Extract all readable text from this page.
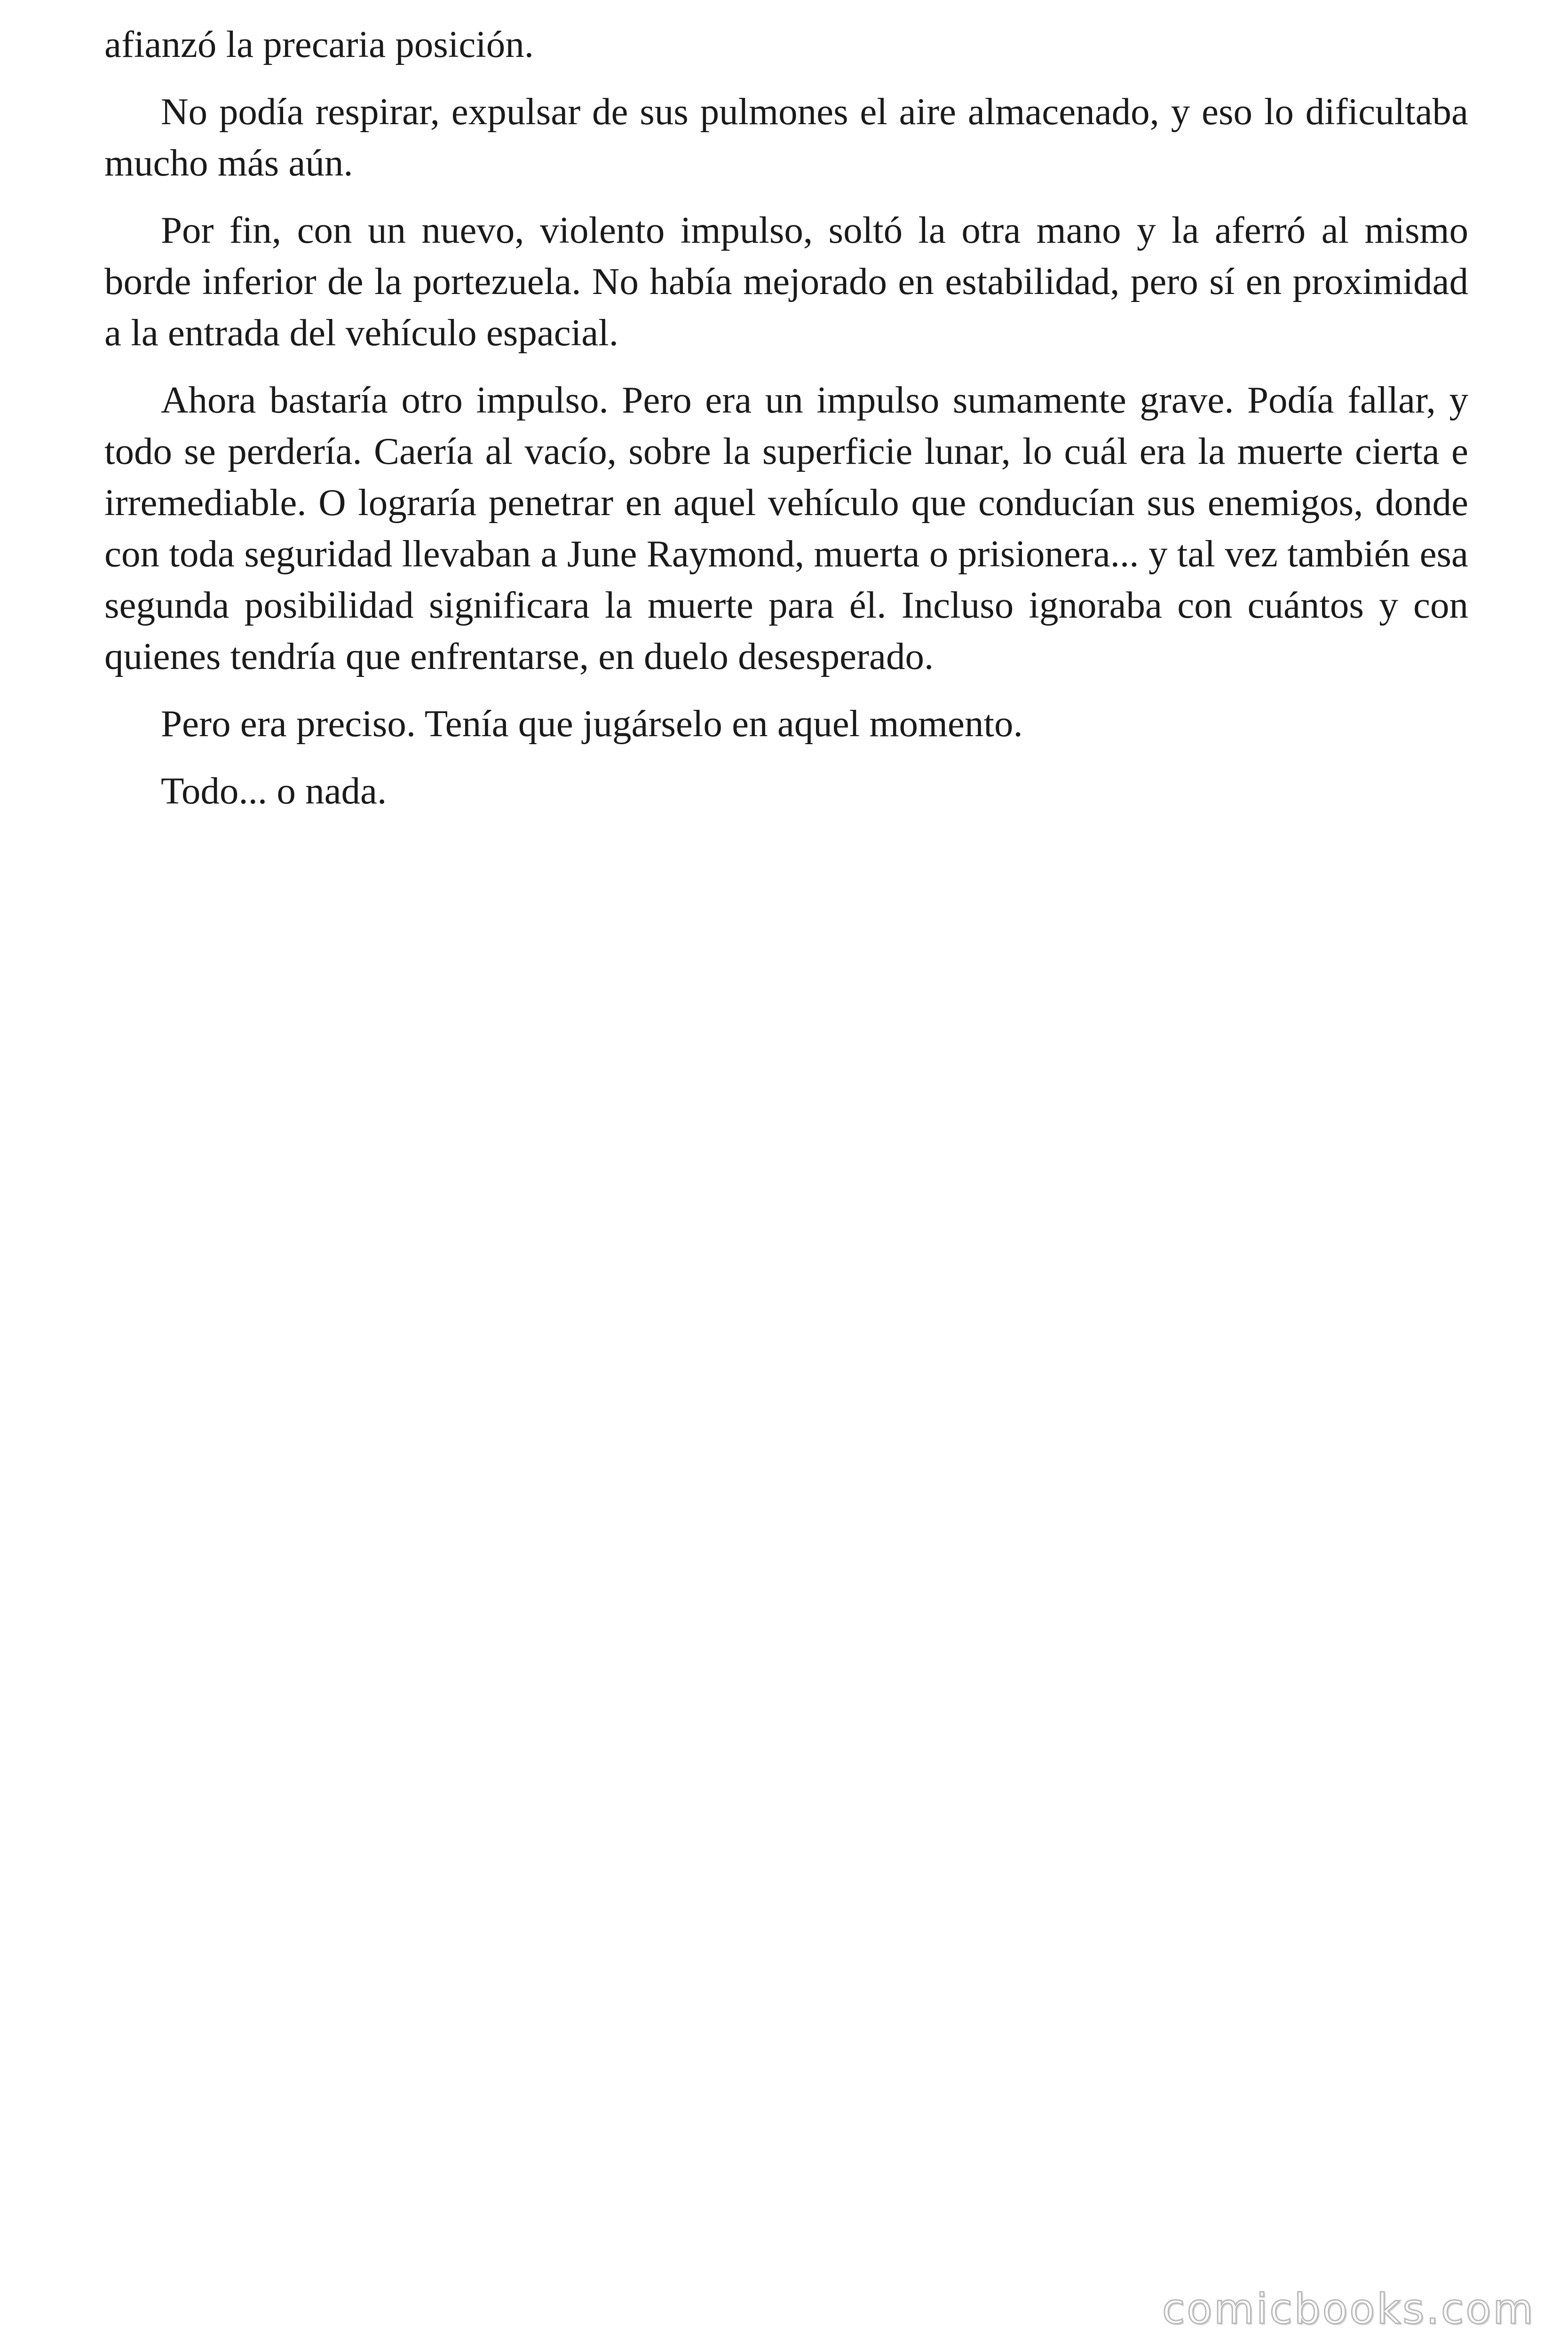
afianzó la precaria posición.

No podía respirar, expulsar de sus pulmones el aire almacenado, y eso lo dificultaba mucho más aún.

Por fin, con un nuevo, violento impulso, soltó la otra mano y la aferró al mismo borde inferior de la portezuela. No había mejorado en estabilidad, pero sí en proximidad a la entrada del vehículo espacial.

Ahora bastaría otro impulso. Pero era un impulso sumamente grave. Podía fallar, y todo se perdería. Caería al vacío, sobre la superficie lunar, lo cuál era la muerte cierta e irremediable. O lograría penetrar en aquel vehículo que conducían sus enemigos, donde con toda seguridad llevaban a June Raymond, muerta o prisionera... y tal vez también esa segunda posibilidad significara la muerte para él. Incluso ignoraba con cuántos y con quienes tendría que enfrentarse, en duelo desesperado.

Pero era preciso. Tenía que jugárselo en aquel momento.

Todo... o nada.

comicbooks.com
